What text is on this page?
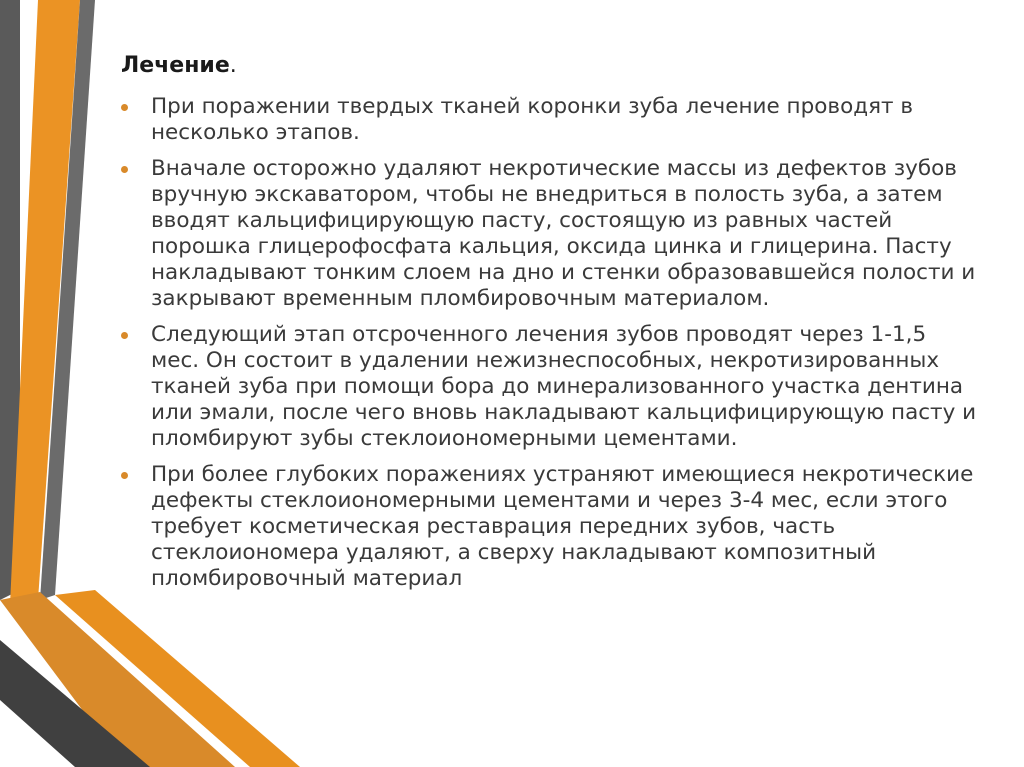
Лечение.
При поражении твердых тканей коронки зуба лечение проводят в несколько этапов.
Вначале осторожно удаляют некротические массы из дефектов зубов вручную экскаватором, чтобы не внедриться в полость зуба, а затем вводят кальцифицирующую пасту, состоящую из равных частей порошка глицерофосфата кальция, оксида цинка и глицерина. Пасту накладывают тонким слоем на дно и стенки образовавшейся полости и закрывают временным пломбировочным материалом.
Следующий этап отсроченного лечения зубов проводят через 1-1,5 мес. Он состоит в удалении нежизнеспособных, некротизированных тканей зуба при помощи бора до минерализованного участка дентина или эмали, после чего вновь накладывают кальцифицирующую пасту и пломбируют зубы стеклоиономерными цементами.
При более глубоких поражениях устраняют имеющиеся некротические дефекты стеклоиономерными цементами и через 3-4 мес, если этого требует косметическая реставрация передних зубов, часть стеклоиономера удаляют, а сверху накладывают композитный пломбировочный материал
